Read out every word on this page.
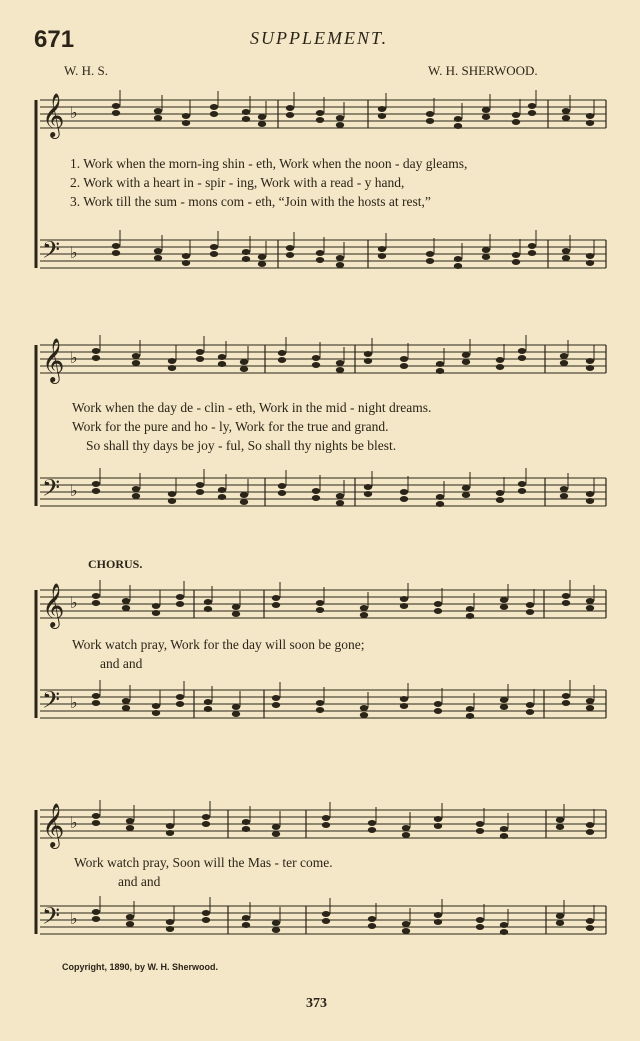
671	SUPPLEMENT.
W. H. S.	W. H. SHERWOOD.
𝄞
𝄢
♭
♭
𝄞
𝄢
♭
♭
𝄞
𝄢
♭
♭
𝄞
𝄢
♭
♭
1. Work when the morn-ing shin - eth, Work when the noon - day gleams,
2. Work with a heart in - spir - ing, Work with a read - y hand,
3. Work till the sum - mons com - eth, “Join with the hosts at rest,”
Work when the day de - clin - eth, Work in the mid - night dreams.
Work for the pure and ho - ly, Work for the true and grand.
So shall thy days be joy - ful, So shall thy nights be blest.
CHORUS.
Work watch pray, Work for the day will soon be gone;
and and
Work watch pray, Soon will the Mas - ter come.
and and
Copyright, 1890, by W. H. Sherwood.
373
